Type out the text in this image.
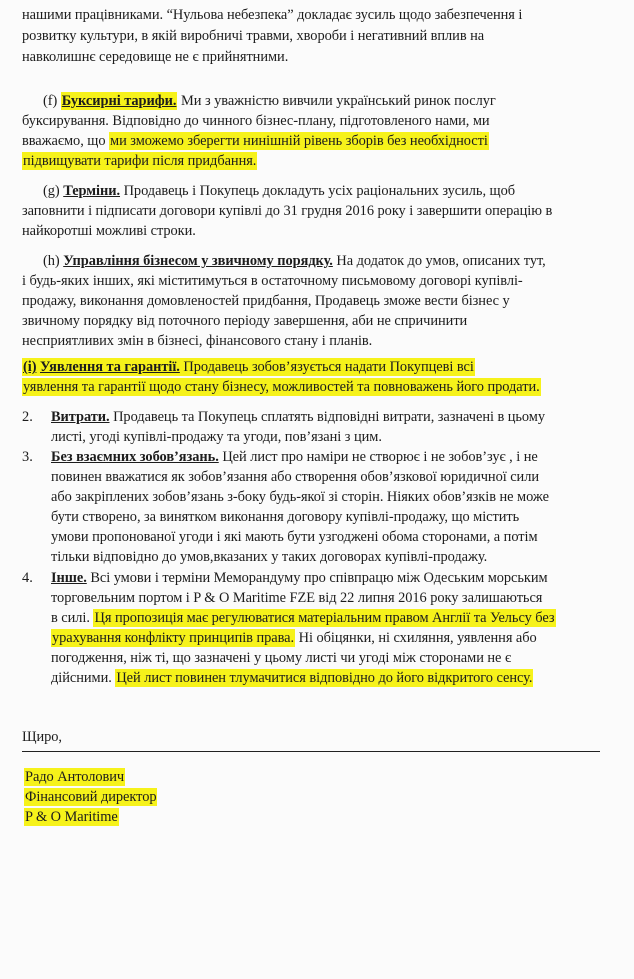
нашими працівниками. “Нульова небезпека” докладає зусиль щодо забезпечення і
розвитку культури, в якій виробничі травми, хвороби і негативний вплив на
навколишнє середовище не є прийнятними.
(f) Буксирні тарифи. Ми з уважністю вивчили український ринок послуг
буксирування. Відповідно до чинного бізнес-плану, підготовленого нами, ми
вважаємо, що ми зможемо зберегти нинішній рівень зборів без необхідності
підвищувати тарифи після придбання.
(g) Терміни. Продавець і Покупець докладуть усіх раціональних зусиль, щоб
заповнити і підписати договори купівлі до 31 грудня 2016 року і завершити операцію в
найкоротші можливі строки.
(h) Управління бізнесом у звичному порядку. На додаток до умов, описаних тут,
і будь-яких інших, які міститимуться в остаточному письмовому договорі купівлі-
продажу, виконання домовленостей придбання, Продавець зможе вести бізнес у
звичному порядку від поточного періоду завершення, аби не спричинити
несприятливих змін в бізнесі, фінансового стану і планів.
(i) Уявлення та гарантії. Продавець зобов’язується надати Покупцеві всі
уявлення та гарантії щодо стану бізнесу, можливостей та повноважень його продати.
2. Витрати. Продавець та Покупець сплатять відповідні витрати, зазначені в цьому
листі, угоді купівлі-продажу та угоди, пов’язані з цим.
3. Без взаємних зобов’язань. Цей лист про наміри не створює і не зобов’зує , і не
повинен вважатися як зобов’язання або створення обов’язкової юридичної сили
або закріплених зобов’язань з-боку будь-якої зі сторін. Ніяких обов’язків не може
бути створено, за винятком виконання договору купівлі-продажу, що містить
умови пропонованої угоди і які мають бути узгоджені обома сторонами, а потім
тільки відповідно до умов,вказаних у таких договорах купівлі-продажу.
4. Інше. Всі умови і терміни Меморандуму про співпрацю між Одеським морським
торговельним портом і P & O Maritime FZE від 22 липня 2016 року залишаються
в силі. Ця пропозиція має регулюватися матеріальним правом Англії та Уельсу без
урахування конфлікту принципів права. Ні обіцянки, ні схиляння, уявлення або
погодження, ніж ті, що зазначені у цьому листі чи угоді між сторонами не є
дійсними. Цей лист повинен тлумачитися відповідно до його відкритого сенсу.
Щиро,
Радо Антолович
Фінансовий директор
P & O Maritime
